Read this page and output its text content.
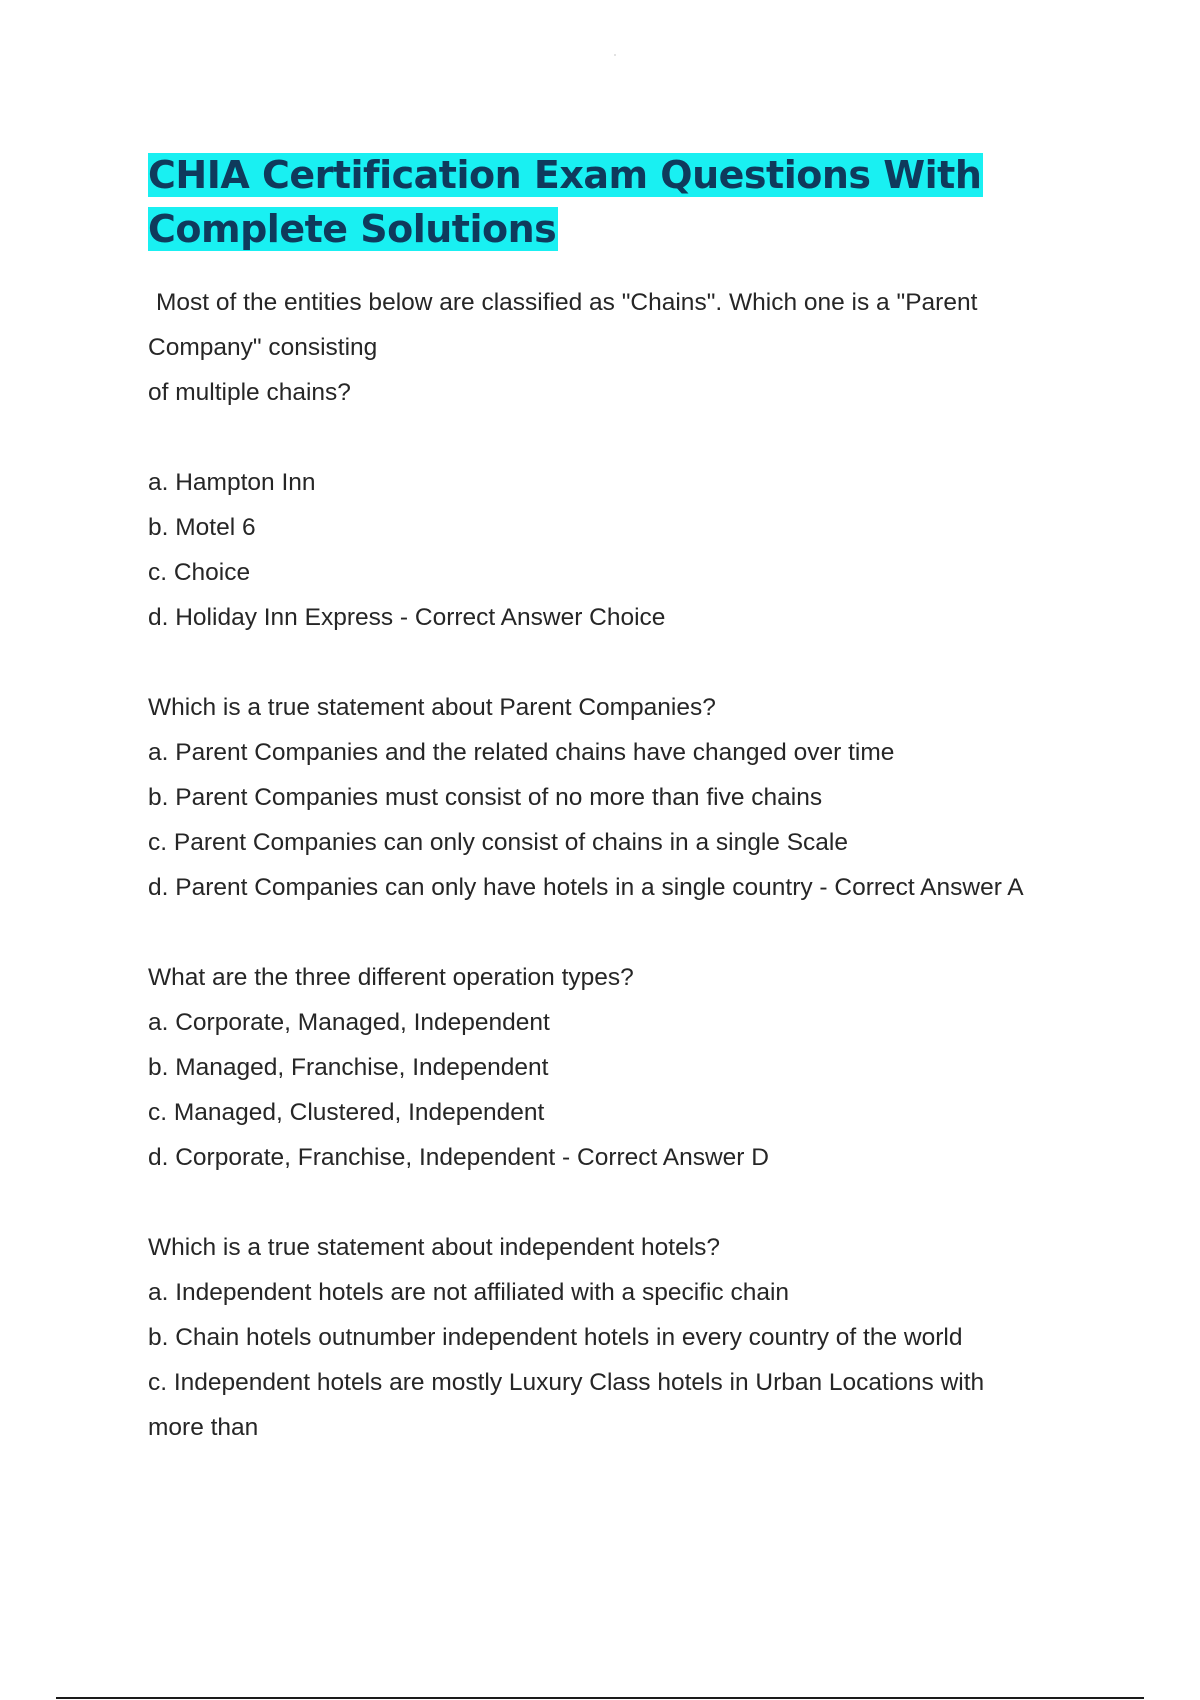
CHIA Certification Exam Questions With
Complete Solutions

Most of the entities below are classified as "Chains". Which one is a "Parent

Company" consisting

of multiple chains?

a. Hampton Inn

b. Motel 6

c. Choice

d. Holiday Inn Express - Correct Answer Choice

Which is a true statement about Parent Companies?

a. Parent Companies and the related chains have changed over time

b. Parent Companies must consist of no more than five chains

c. Parent Companies can only consist of chains in a single Scale

d. Parent Companies can only have hotels in a single country - Correct Answer A

What are the three different operation types?

a. Corporate, Managed, Independent

b. Managed, Franchise, Independent

c. Managed, Clustered, Independent

d. Corporate, Franchise, Independent - Correct Answer D

Which is a true statement about independent hotels?

a. Independent hotels are not affiliated with a specific chain

b. Chain hotels outnumber independent hotels in every country of the world

c. Independent hotels are mostly Luxury Class hotels in Urban Locations with

more than
